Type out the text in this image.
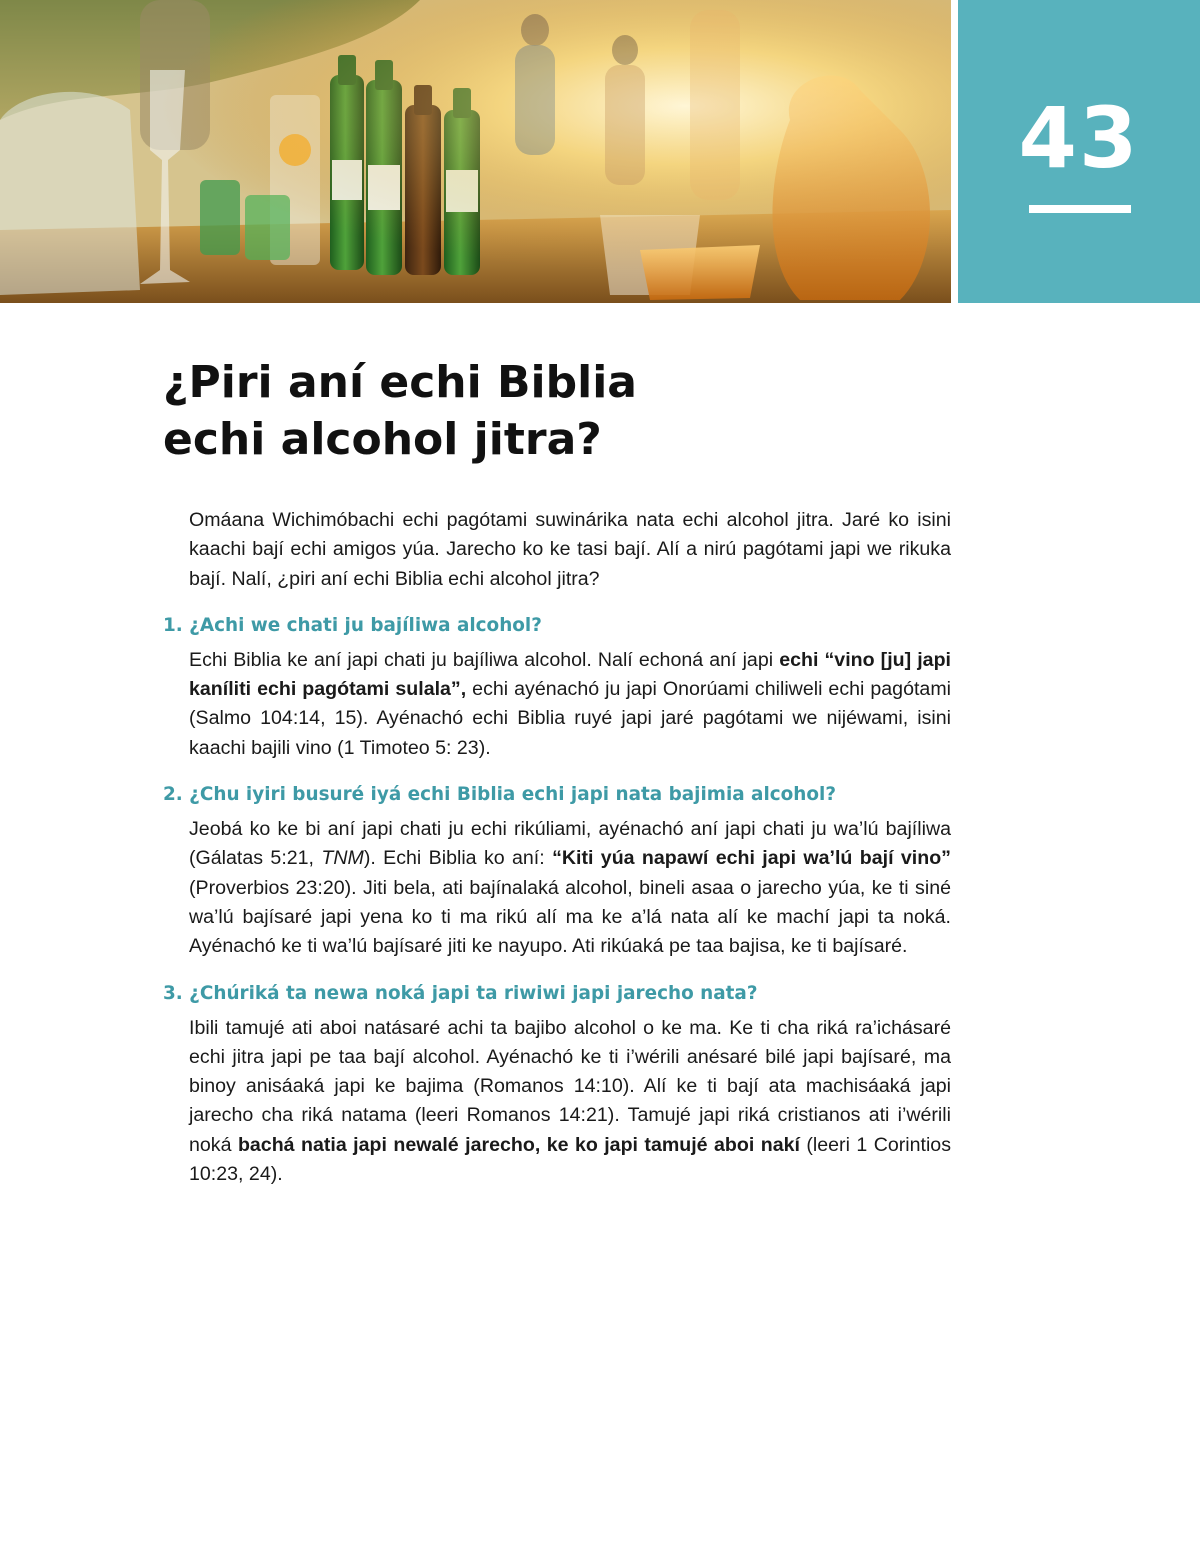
43
¿Piri aní echi Biblia
echi alcohol jitra?

Omáana Wichimóbachi echi pagótami suwinárika nata echi alcohol jitra. Jaré ko isini kaachi bají echi amigos yúa. Jarecho ko ke tasi bají. Alí a nirú pagótami japi we rikuka bají. Nalí, ¿piri aní echi Biblia echi alcohol jitra?

1. ¿Achi we chati ju bajíliwa alcohol?

Echi Biblia ke aní japi chati ju bajíliwa alcohol. Nalí echoná aní japi echi “vino [ju] japi kaníliti echi pagótami sulala”, echi ayénachó ju japi Onorúami chiliweli echi pagótami (Salmo 104:14, 15). Ayénachó echi Biblia ruyé japi jaré pagótami we nijéwami, isini kaachi bajili vino (1 Timoteo 5: 23).

2. ¿Chu iyiri busuré iyá echi Biblia echi japi nata bajimia alcohol?

Jeobá ko ke bi aní japi chati ju echi rikúliami, ayénachó aní japi chati ju wa’lú bajíliwa (Gálatas 5:21, TNM). Echi Biblia ko aní: “Kiti yúa napawí echi japi wa’lú bají vino” (Proverbios 23:20). Jiti bela, ati bajínalaká alcohol, bineli asaa o jarecho yúa, ke ti siné wa’lú bajísaré japi yena ko ti ma rikú alí ma ke a’lá nata alí ke machí japi ta noká. Ayénachó ke ti wa’lú bajísaré jiti ke nayupo. Ati rikúaká pe taa bajisa, ke ti bajísaré.

3. ¿Chúriká ta newa noká japi ta riwiwi japi jarecho nata?

Ibili tamujé ati aboi natásaré achi ta bajibo alcohol o ke ma. Ke ti cha riká ra’ichásaré echi jitra japi pe taa bají alcohol. Ayénachó ke ti i’wérili anésaré bilé japi bajísaré, ma binoy anisáaká japi ke bajima (Romanos 14:10). Alí ke ti bají ata machisáaká japi jarecho cha riká natama (leeri Romanos 14:21). Tamujé japi riká cristianos ati i’wérili noká bachá natia japi newalé jarecho, ke ko japi tamujé aboi nakí (leeri 1 Corintios 10:23, 24).
